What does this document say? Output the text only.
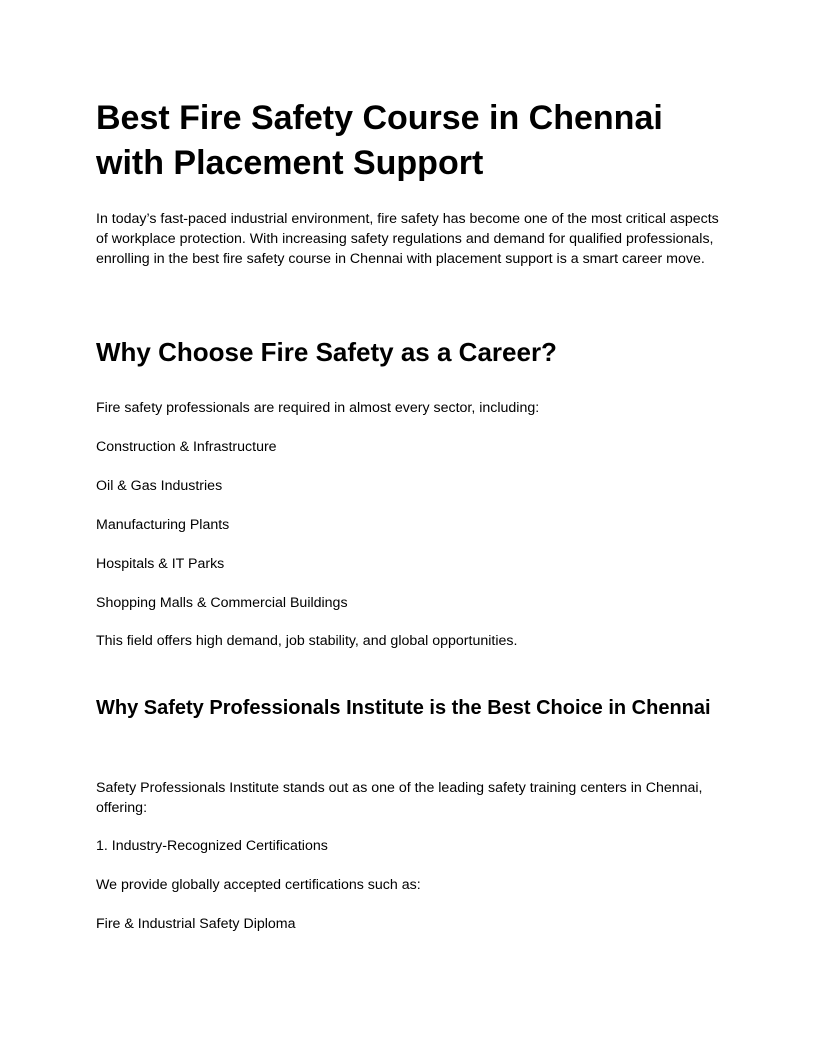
Best Fire Safety Course in Chennai with Placement Support

In today’s fast-paced industrial environment, fire safety has become one of the most critical aspects of workplace protection. With increasing safety regulations and demand for qualified professionals, enrolling in the best fire safety course in Chennai with placement support is a smart career move.

Why Choose Fire Safety as a Career?

Fire safety professionals are required in almost every sector, including:

Construction & Infrastructure

Oil & Gas Industries

Manufacturing Plants

Hospitals & IT Parks

Shopping Malls & Commercial Buildings

This field offers high demand, job stability, and global opportunities.

Why Safety Professionals Institute is the Best Choice in Chennai

Safety Professionals Institute stands out as one of the leading safety training centers in Chennai, offering:

1. Industry-Recognized Certifications

We provide globally accepted certifications such as:

Fire & Industrial Safety Diploma
